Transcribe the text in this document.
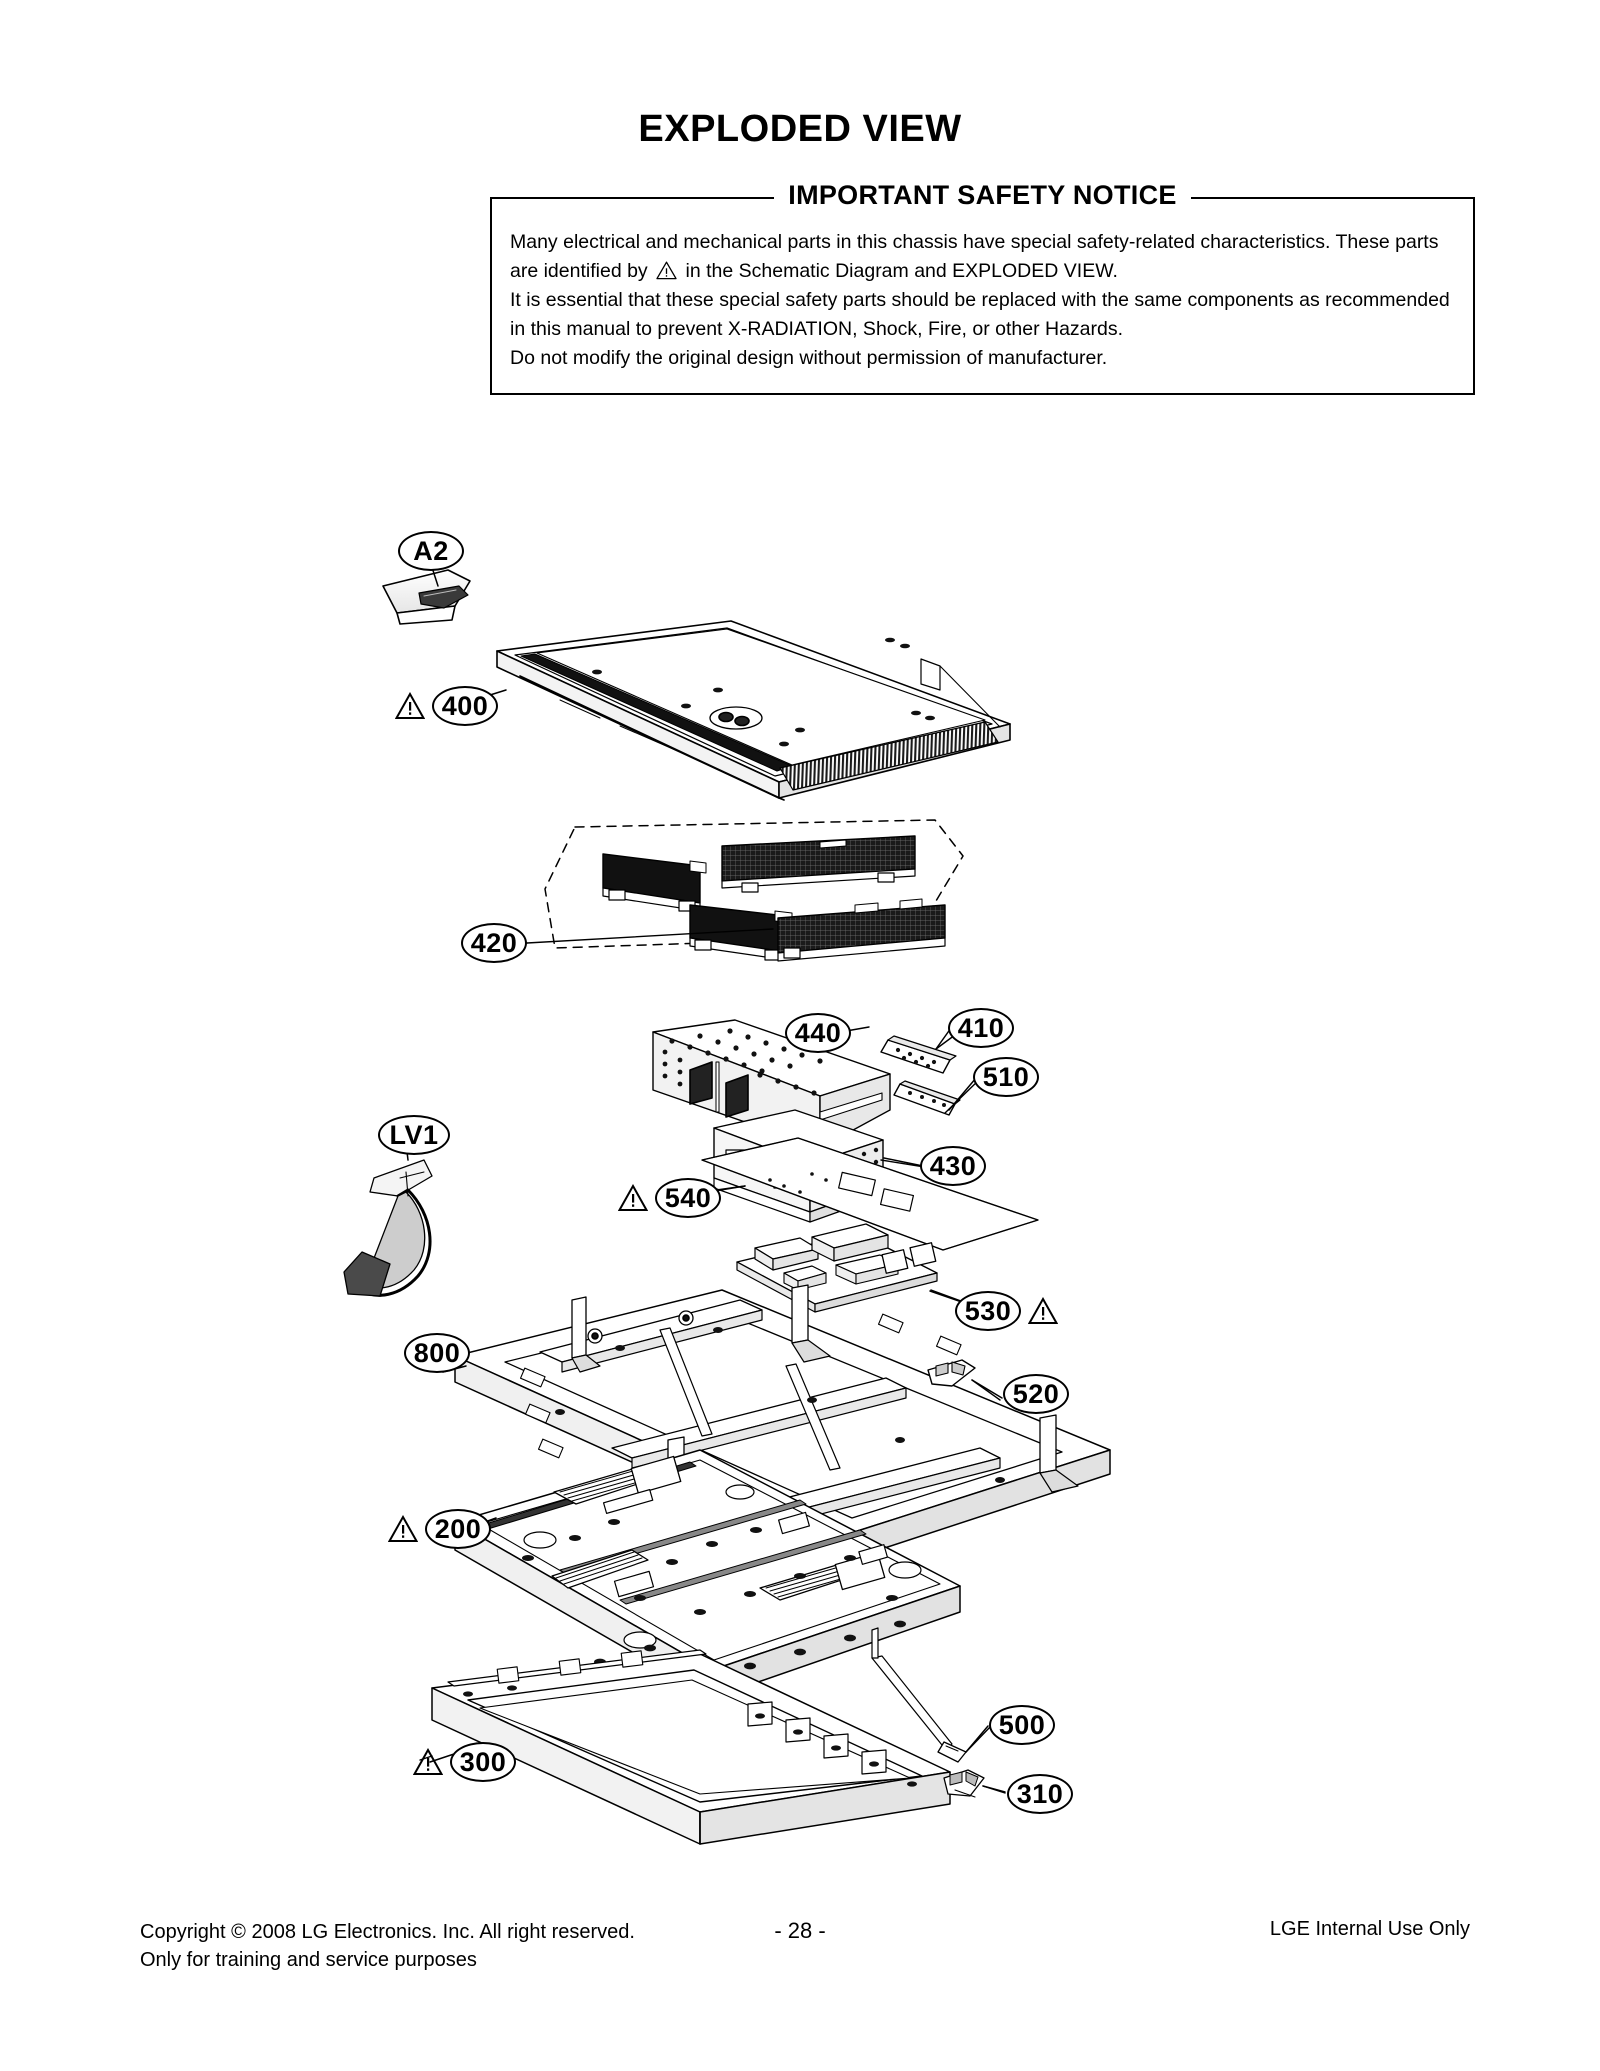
EXPLODED VIEW
IMPORTANT SAFETY NOTICE

Many electrical and mechanical parts in this chassis have special safety-related characteristics. These parts

are identified by in the Schematic Diagram and EXPLODED VIEW.

It is essential that these special safety parts should be replaced with the same components as recommended

in this manual to prevent X-RADIATION, Shock, Fire, or other Hazards.

Do not modify the original design without permission of manufacturer.

A2
400
420
440	410
510
430
540
LV1
530
800
520
200
500
300
310
Copyright © 2008 LG Electronics. Inc. All right reserved.
Only for training and service purposes
- 28 -	LGE Internal Use Only
